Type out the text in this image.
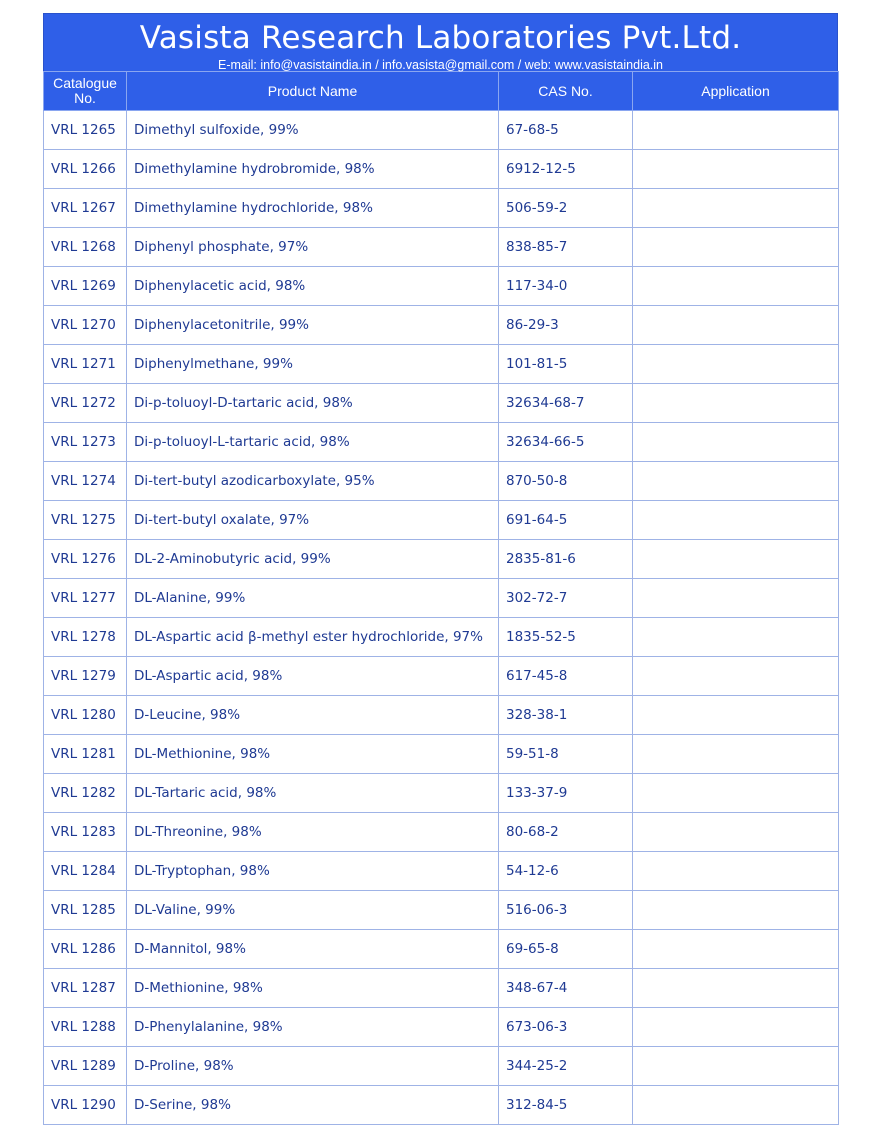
Vasista Research Laboratories Pvt.Ltd.
E-mail: info@vasistaindia.in / info.vasista@gmail.com / web: www.vasistaindia.in
Catalogue
No.	Product Name	CAS No.	Application
VRL 1265	Dimethyl sulfoxide, 99%	67-68-5	
VRL 1266	Dimethylamine hydrobromide, 98%	6912-12-5	
VRL 1267	Dimethylamine hydrochloride, 98%	506-59-2	
VRL 1268	Diphenyl phosphate, 97%	838-85-7	
VRL 1269	Diphenylacetic acid, 98%	117-34-0	
VRL 1270	Diphenylacetonitrile, 99%	86-29-3	
VRL 1271	Diphenylmethane, 99%	101-81-5	
VRL 1272	Di-p-toluoyl-D-tartaric acid, 98%	32634-68-7	
VRL 1273	Di-p-toluoyl-L-tartaric acid, 98%	32634-66-5	
VRL 1274	Di-tert-butyl azodicarboxylate, 95%	870-50-8	
VRL 1275	Di-tert-butyl oxalate, 97%	691-64-5	
VRL 1276	DL-2-Aminobutyric acid, 99%	2835-81-6	
VRL 1277	DL-Alanine, 99%	302-72-7	
VRL 1278	DL-Aspartic acid β-methyl ester hydrochloride, 97%	1835-52-5	
VRL 1279	DL-Aspartic acid, 98%	617-45-8	
VRL 1280	D-Leucine, 98%	328-38-1	
VRL 1281	DL-Methionine, 98%	59-51-8	
VRL 1282	DL-Tartaric acid, 98%	133-37-9	
VRL 1283	DL-Threonine, 98%	80-68-2	
VRL 1284	DL-Tryptophan, 98%	54-12-6	
VRL 1285	DL-Valine, 99%	516-06-3	
VRL 1286	D-Mannitol, 98%	69-65-8	
VRL 1287	D-Methionine, 98%	348-67-4	
VRL 1288	D-Phenylalanine, 98%	673-06-3	
VRL 1289	D-Proline, 98%	344-25-2	
VRL 1290	D-Serine, 98%	312-84-5	
